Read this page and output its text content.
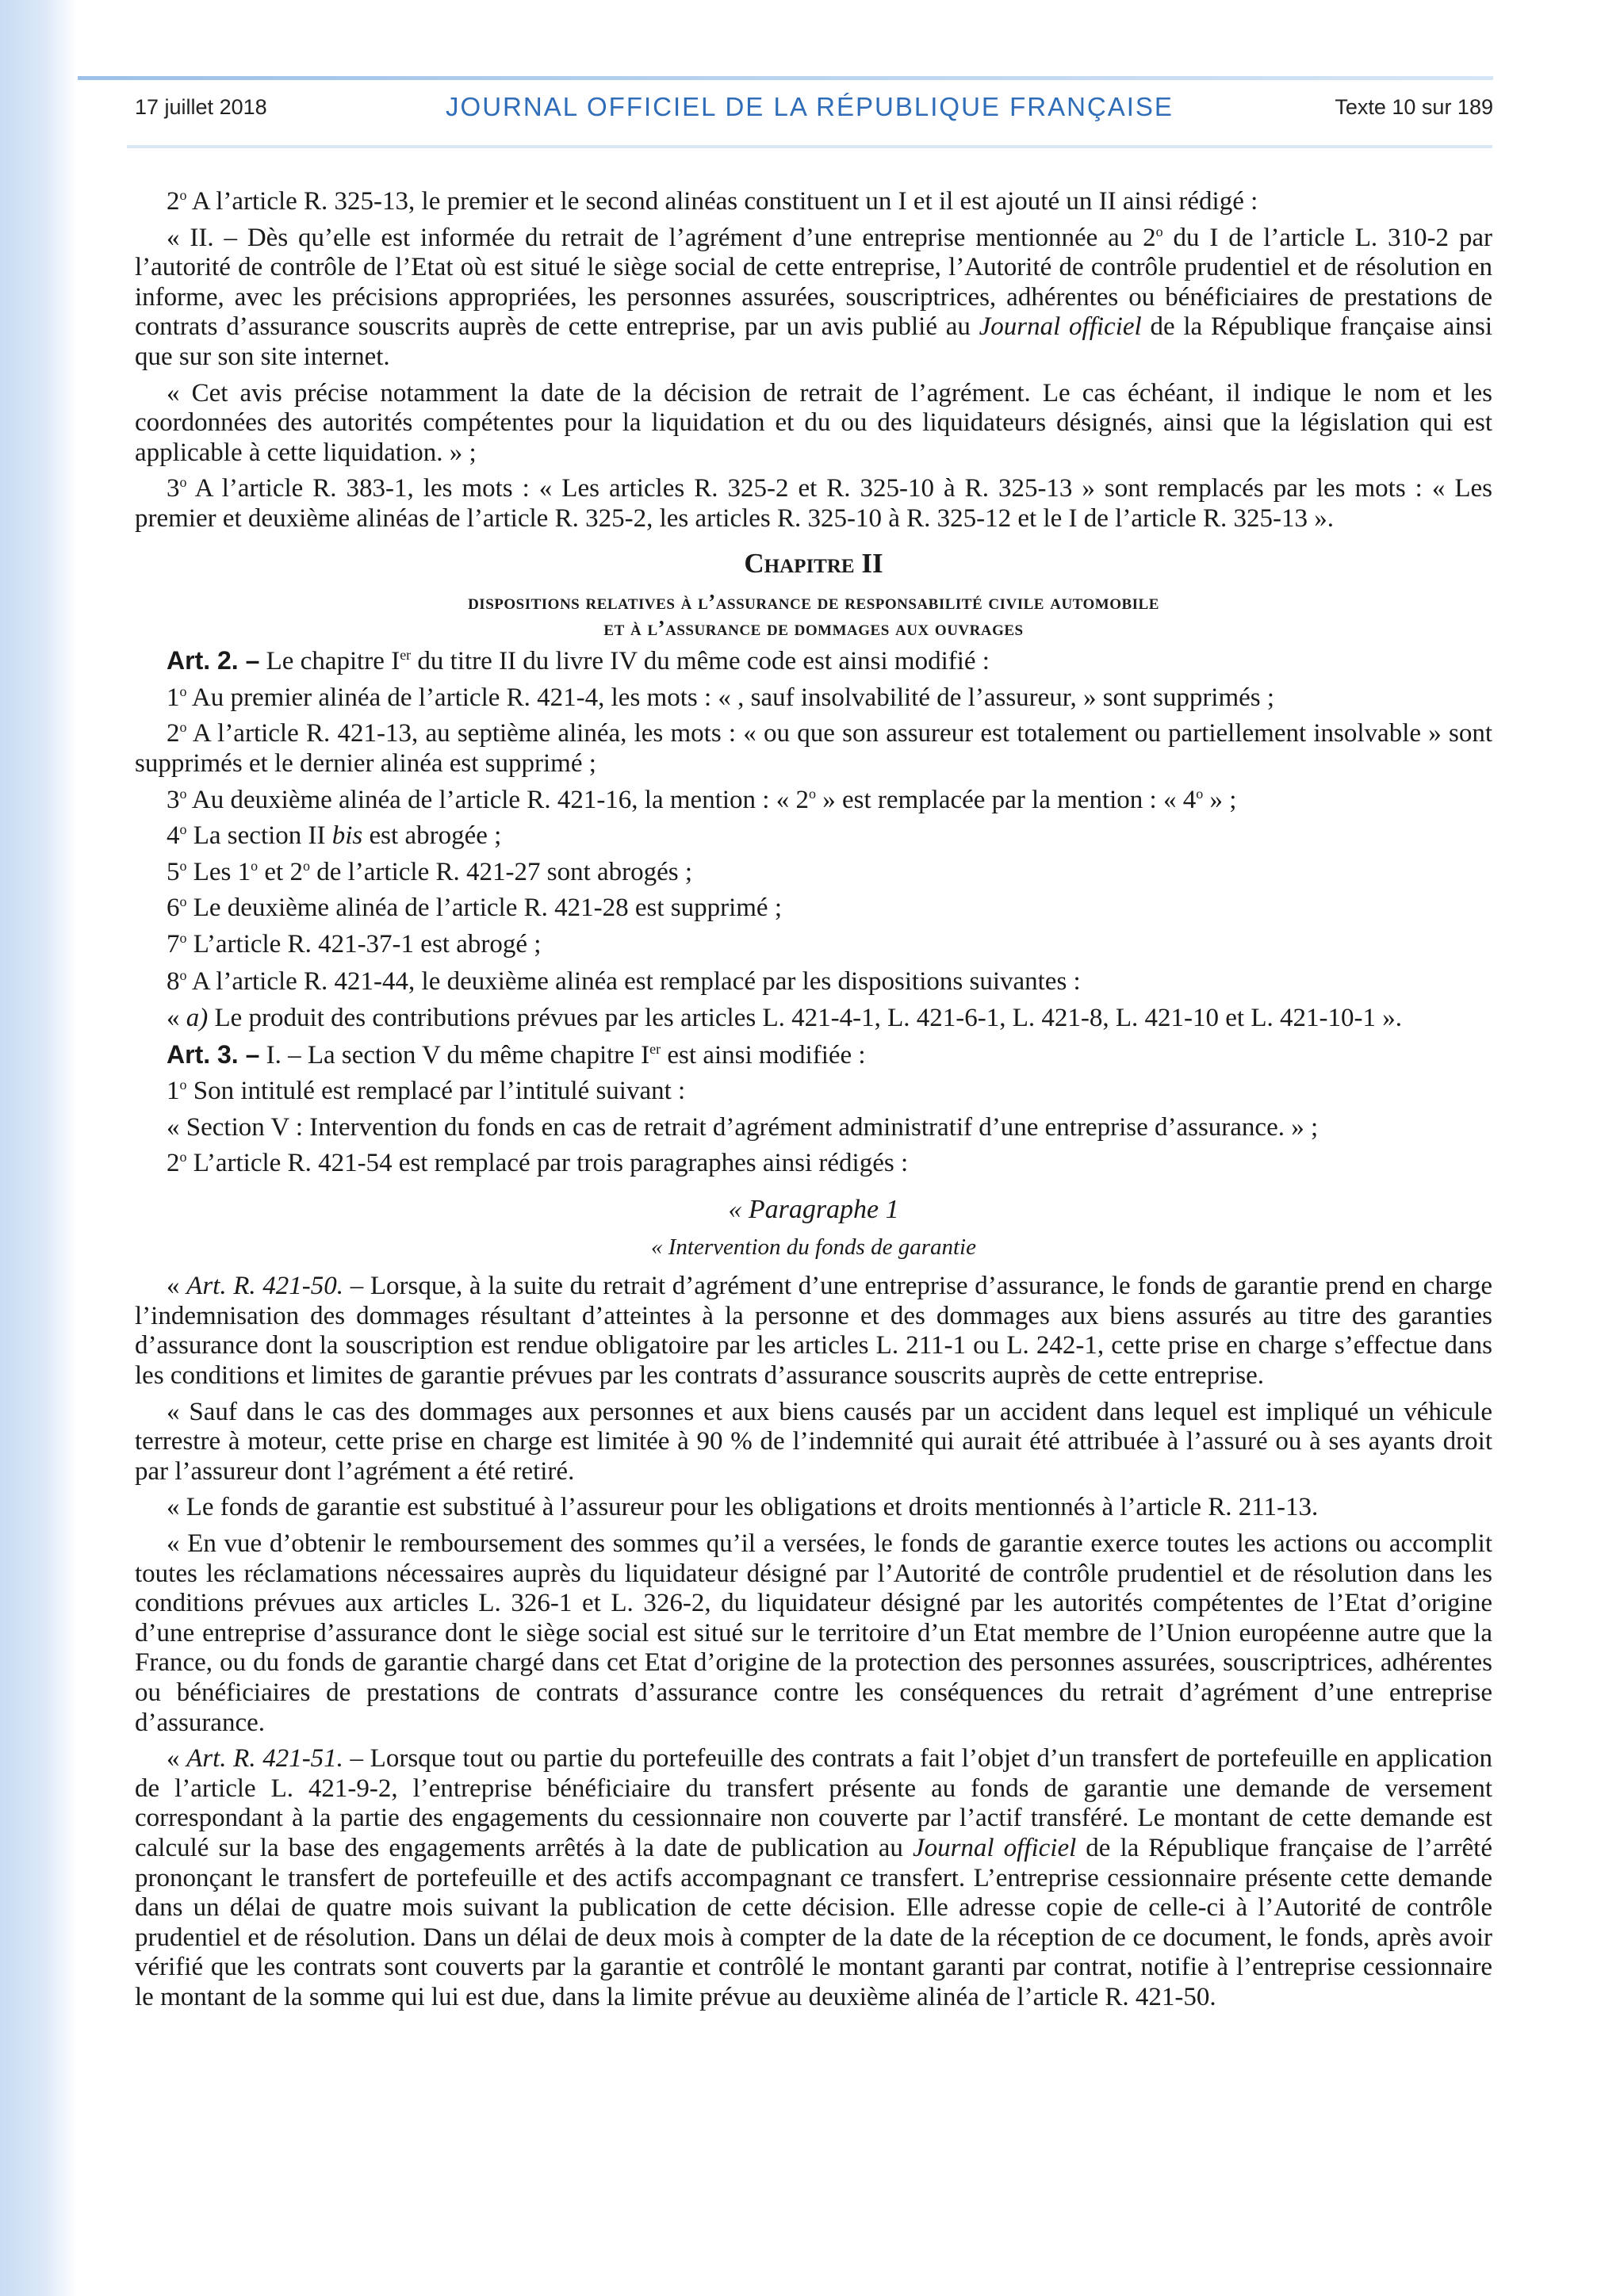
17 juillet 2018	JOURNAL OFFICIEL DE LA RÉPUBLIQUE FRANÇAISE	Texte 10 sur 189

2$^o$ A l’article R. 325-13, le premier et le second alinéas constituent un I et il est ajouté un II ainsi rédigé :

« II. – Dès qu’elle est informée du retrait de l’agrément d’une entreprise mentionnée au 2$^o$ du I de l’article L. 310-2 par l’autorité de contrôle de l’Etat où est situé le siège social de cette entreprise, l’Autorité de contrôle prudentiel et de résolution en informe, avec les précisions appropriées, les personnes assurées, souscriptrices, adhérentes ou bénéficiaires de prestations de contrats d’assurance souscrits auprès de cette entreprise, par un avis publié au Journal officiel de la République française ainsi que sur son site internet.

« Cet avis précise notamment la date de la décision de retrait de l’agrément. Le cas échéant, il indique le nom et les coordonnées des autorités compétentes pour la liquidation et du ou des liquidateurs désignés, ainsi que la législation qui est applicable à cette liquidation. » ;

3$^o$ A l’article R. 383-1, les mots : « Les articles R. 325-2 et R. 325-10 à R. 325-13 » sont remplacés par les mots : « Les premier et deuxième alinéas de l’article R. 325-2, les articles R. 325-10 à R. 325-12 et le I de l’article R. 325-13 ».

Chapitre II
dispositions relatives à l’assurance de responsabilité civile automobile
et à l’assurance de dommages aux ouvrages

Art. 2. – Le chapitre Ier du titre II du livre IV du même code est ainsi modifié :

1$^o$ Au premier alinéa de l’article R. 421-4, les mots : « , sauf insolvabilité de l’assureur, » sont supprimés ;

2$^o$ A l’article R. 421-13, au septième alinéa, les mots : « ou que son assureur est totalement ou partiellement insolvable » sont supprimés et le dernier alinéa est supprimé ;

3$^o$ Au deuxième alinéa de l’article R. 421-16, la mention : « 2$^o$ » est remplacée par la mention : « 4$^o$ » ;

4$^o$ La section II bis est abrogée ;

5$^o$ Les 1$^o$ et 2$^o$ de l’article R. 421-27 sont abrogés ;

6$^o$ Le deuxième alinéa de l’article R. 421-28 est supprimé ;

7$^o$ L’article R. 421-37-1 est abrogé ;

8$^o$ A l’article R. 421-44, le deuxième alinéa est remplacé par les dispositions suivantes :

« a) Le produit des contributions prévues par les articles L. 421-4-1, L. 421-6-1, L. 421-8, L. 421-10 et L. 421-10-1 ».

Art. 3. – I. – La section V du même chapitre Ier est ainsi modifiée :

1$^o$ Son intitulé est remplacé par l’intitulé suivant :

« Section V : Intervention du fonds en cas de retrait d’agrément administratif d’une entreprise d’assurance. » ;

2$^o$ L’article R. 421-54 est remplacé par trois paragraphes ainsi rédigés :

« Paragraphe 1
« Intervention du fonds de garantie

« Art. R. 421-50. – Lorsque, à la suite du retrait d’agrément d’une entreprise d’assurance, le fonds de garantie prend en charge l’indemnisation des dommages résultant d’atteintes à la personne et des dommages aux biens assurés au titre des garanties d’assurance dont la souscription est rendue obligatoire par les articles L. 211-1 ou L. 242-1, cette prise en charge s’effectue dans les conditions et limites de garantie prévues par les contrats d’assurance souscrits auprès de cette entreprise.

« Sauf dans le cas des dommages aux personnes et aux biens causés par un accident dans lequel est impliqué un véhicule terrestre à moteur, cette prise en charge est limitée à 90 % de l’indemnité qui aurait été attribuée à l’assuré ou à ses ayants droit par l’assureur dont l’agrément a été retiré.

« Le fonds de garantie est substitué à l’assureur pour les obligations et droits mentionnés à l’article R. 211-13.

« En vue d’obtenir le remboursement des sommes qu’il a versées, le fonds de garantie exerce toutes les actions ou accomplit toutes les réclamations nécessaires auprès du liquidateur désigné par l’Autorité de contrôle prudentiel et de résolution dans les conditions prévues aux articles L. 326-1 et L. 326-2, du liquidateur désigné par les autorités compétentes de l’Etat d’origine d’une entreprise d’assurance dont le siège social est situé sur le territoire d’un Etat membre de l’Union européenne autre que la France, ou du fonds de garantie chargé dans cet Etat d’origine de la protection des personnes assurées, souscriptrices, adhérentes ou bénéficiaires de prestations de contrats d’assurance contre les conséquences du retrait d’agrément d’une entreprise d’assurance.

« Art. R. 421-51. – Lorsque tout ou partie du portefeuille des contrats a fait l’objet d’un transfert de portefeuille en application de l’article L. 421-9-2, l’entreprise bénéficiaire du transfert présente au fonds de garantie une demande de versement correspondant à la partie des engagements du cessionnaire non couverte par l’actif transféré. Le montant de cette demande est calculé sur la base des engagements arrêtés à la date de publication au Journal officiel de la République française de l’arrêté prononçant le transfert de portefeuille et des actifs accompagnant ce transfert. L’entreprise cessionnaire présente cette demande dans un délai de quatre mois suivant la publication de cette décision. Elle adresse copie de celle-ci à l’Autorité de contrôle prudentiel et de résolution. Dans un délai de deux mois à compter de la date de la réception de ce document, le fonds, après avoir vérifié que les contrats sont couverts par la garantie et contrôlé le montant garanti par contrat, notifie à l’entreprise cessionnaire le montant de la somme qui lui est due, dans la limite prévue au deuxième alinéa de l’article R. 421-50.
